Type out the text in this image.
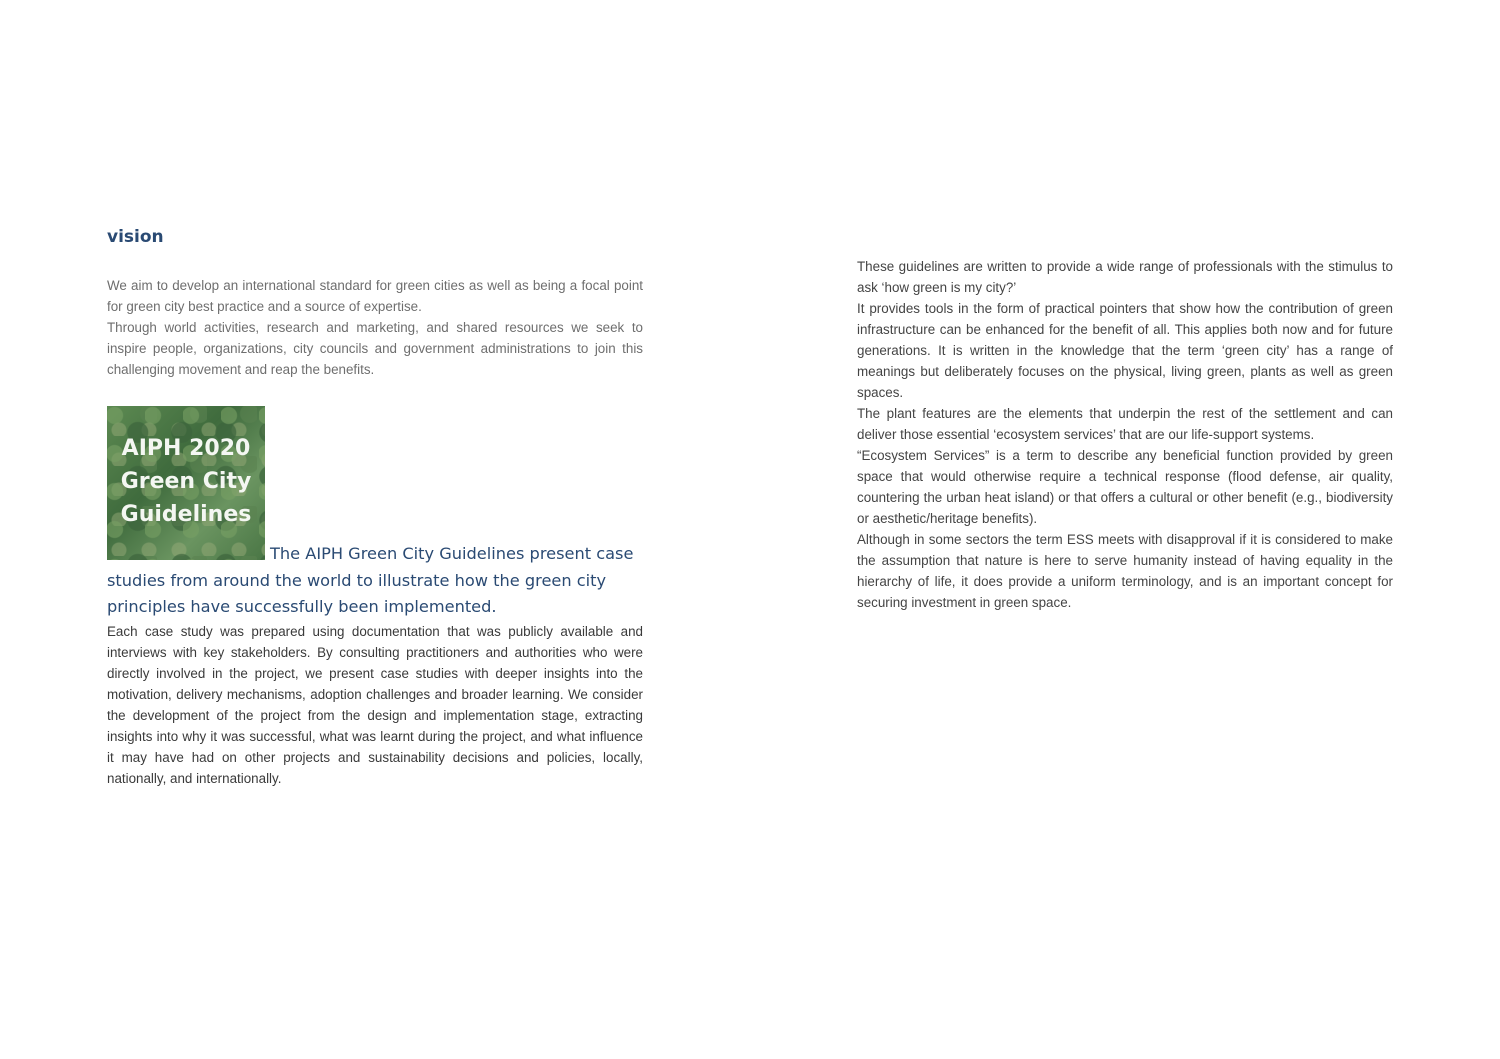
vision

We aim to develop an international standard for green cities as well as being a focal point for green city best practice and a source of expertise.

Through world activities, research and marketing, and shared resources we seek to inspire people, organizations, city councils and government administrations to join this challenging movement and reap the benefits.

AIPH 2020
Green City
Guidelines

The AIPH Green City Guidelines present case studies from around the world to illustrate how the green city principles have successfully been implemented.

Each case study was prepared using documentation that was publicly available and interviews with key stakeholders. By consulting practitioners and authorities who were directly involved in the project, we present case studies with deeper insights into the motivation, delivery mechanisms, adoption challenges and broader learning. We consider the development of the project from the design and implementation stage, extracting insights into why it was successful, what was learnt during the project, and what influence it may have had on other projects and sustainability decisions and policies, locally, nationally, and internationally.

These guidelines are written to provide a wide range of professionals with the stimulus to ask ‘how green is my city?’

It provides tools in the form of practical pointers that show how the contribution of green infrastructure can be enhanced for the benefit of all. This applies both now and for future generations. It is written in the knowledge that the term ‘green city’ has a range of meanings but deliberately focuses on the physical, living green, plants as well as green spaces.

The plant features are the elements that underpin the rest of the settlement and can deliver those essential ‘ecosystem services’ that are our life-support systems.

“Ecosystem Services” is a term to describe any beneficial function provided by green space that would otherwise require a technical response (flood defense, air quality, countering the urban heat island) or that offers a cultural or other benefit (e.g., biodiversity or aesthetic/heritage benefits).

Although in some sectors the term ESS meets with disapproval if it is considered to make the assumption that nature is here to serve humanity instead of having equality in the hierarchy of life, it does provide a uniform terminology, and is an important concept for securing investment in green space.
